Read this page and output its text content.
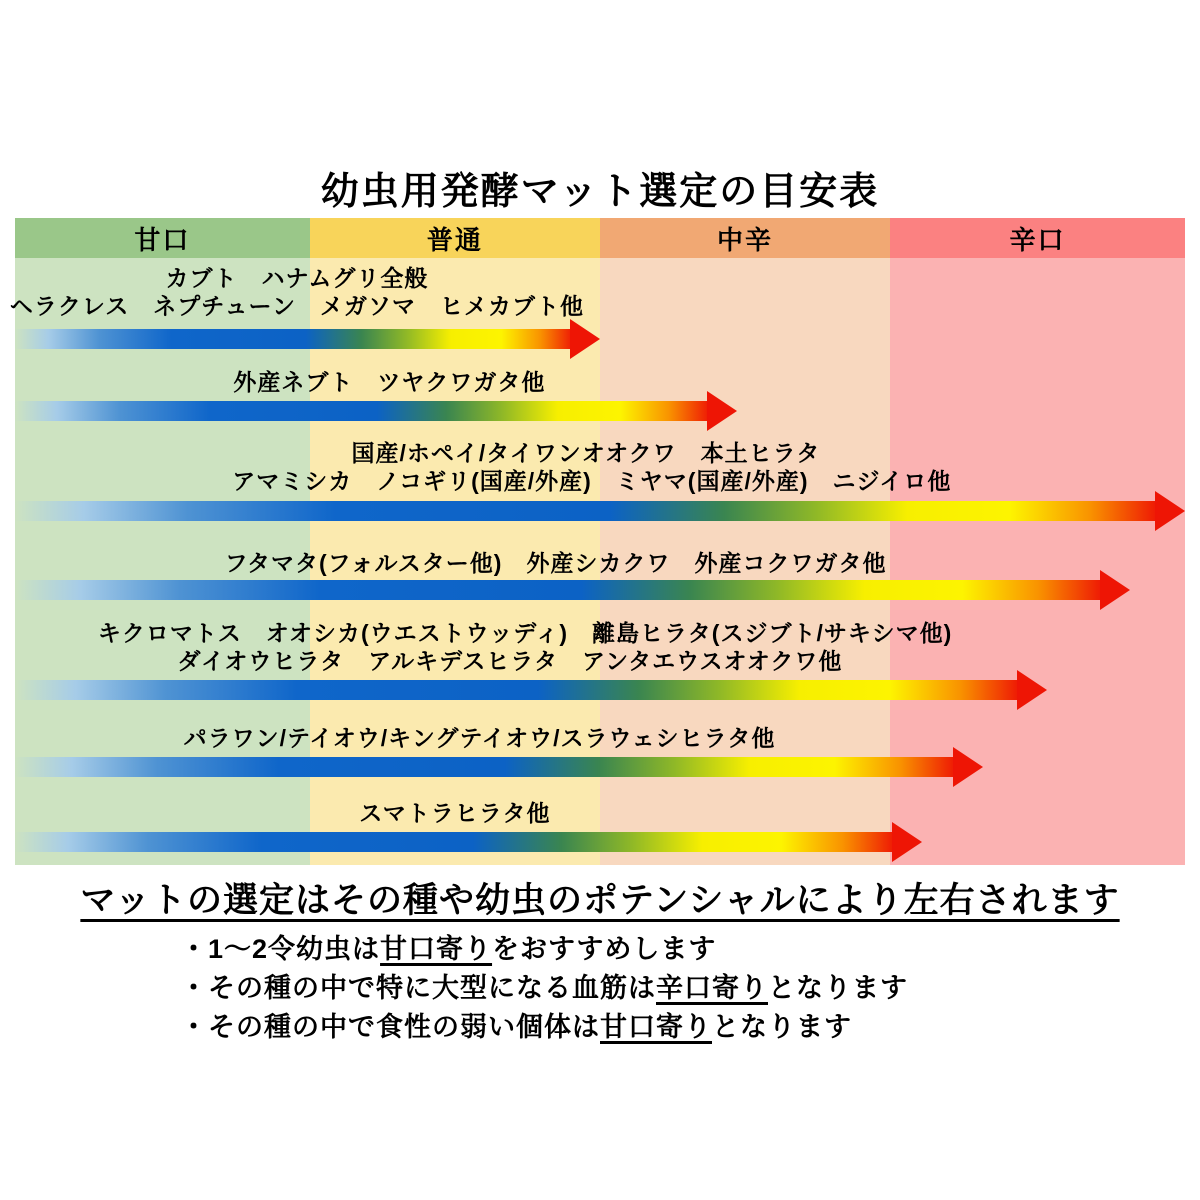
幼虫用発酵マット選定の目安表
甘口	普通	中辛	辛口
カブト　ハナムグリ全般
ヘラクレス　ネプチューン　メガソマ　ヒメカブト他
外産ネブト　ツヤクワガタ他
国産/ホペイ/タイワンオオクワ　本土ヒラタ
アマミシカ　ノコギリ(国産/外産)　ミヤマ(国産/外産)　ニジイロ他
フタマタ(フォルスター他)　外産シカクワ　外産コクワガタ他
キクロマトス　オオシカ(ウエストウッディ)　離島ヒラタ(スジブト/サキシマ他)
ダイオウヒラタ　アルキデスヒラタ　アンタエウスオオクワ他
パラワン/テイオウ/キングテイオウ/スラウェシヒラタ他
スマトラヒラタ他
マットの選定はその種や幼虫のポテンシャルにより左右されます
・1〜2令幼虫は甘口寄りをおすすめします
・その種の中で特に大型になる血筋は辛口寄りとなります
・その種の中で食性の弱い個体は甘口寄りとなります
